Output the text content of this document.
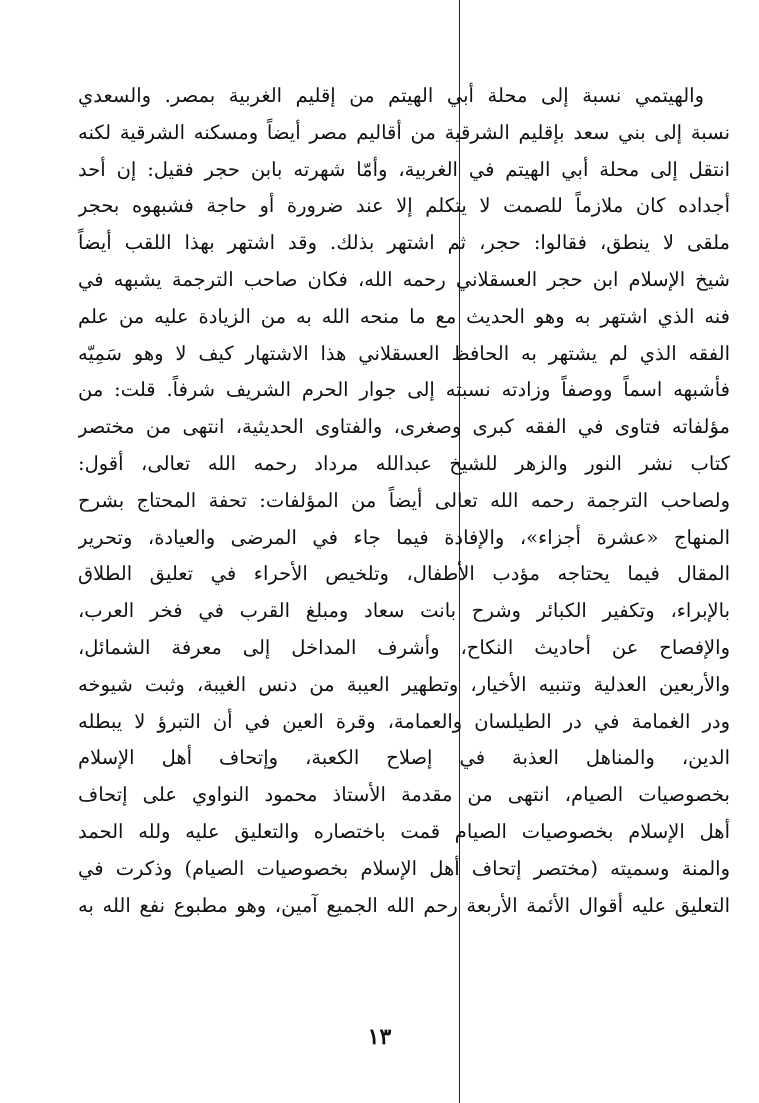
والهيتمي نسبة إلى محلة أبي الهيتم من إقليم الغربية بمصر. والسعدي
نسبة إلى بني سعد بإقليم الشرقية من أقاليم مصر أيضاً ومسكنه الشرقية لكنه
انتقل إلى محلة أبي الهيتم في الغربية، وأمّا شهرته بابن حجر فقيل: إن أحد
أجداده كان ملازماً للصمت لا يتكلم إلا عند ضرورة أو حاجة فشبهوه بحجر
ملقى لا ينطق، فقالوا: حجر، ثم اشتهر بذلك. وقد اشتهر بهذا اللقب أيضاً
شيخ الإسلام ابن حجر العسقلاني رحمه الله، فكان صاحب الترجمة يشبهه في
فنه الذي اشتهر به وهو الحديث مع ما منحه الله به من الزيادة عليه من علم
الفقه الذي لم يشتهر به الحافظ العسقلاني هذا الاشتهار كيف لا وهو سَمِيّه
فأشبهه اسماً ووصفاً وزادته نسبته إلى جوار الحرم الشريف شرفاً. قلت: من
مؤلفاته فتاوى في الفقه كبرى وصغرى، والفتاوى الحديثية، انتهى من مختصر
كتاب نشر النور والزهر للشيخ عبدالله مرداد رحمه الله تعالى، أقول:
ولصاحب الترجمة رحمه الله تعالى أيضاً من المؤلفات: تحفة المحتاج بشرح
المنهاج «عشرة أجزاء»، والإفادة فيما جاء في المرضى والعيادة، وتحرير
المقال فيما يحتاجه مؤدب الأطفال، وتلخيص الأحراء في تعليق الطلاق
بالإبراء، وتكفير الكبائر وشرح بانت سعاد ومبلغ القرب في فخر العرب،
والإفصاح عن أحاديث النكاح، وأشرف المداخل إلى معرفة الشمائل،
والأربعين العدلية وتنبيه الأخيار، وتطهير العيبة من دنس الغيبة، وثبت شيوخه
ودر الغمامة في در الطيلسان والعمامة، وقرة العين في أن التبرؤ لا يبطله
الدين، والمناهل العذبة في إصلاح الكعبة، وإتحاف أهل الإسلام
بخصوصيات الصيام، انتهى من مقدمة الأستاذ محمود النواوي على إتحاف
أهل الإسلام بخصوصيات الصيام قمت باختصاره والتعليق عليه ولله الحمد
والمنة وسميته (مختصر إتحاف أهل الإسلام بخصوصيات الصيام) وذكرت في
التعليق عليه أقوال الأئمة الأربعة رحم الله الجميع آمين، وهو مطبوع نفع الله به
١٣
